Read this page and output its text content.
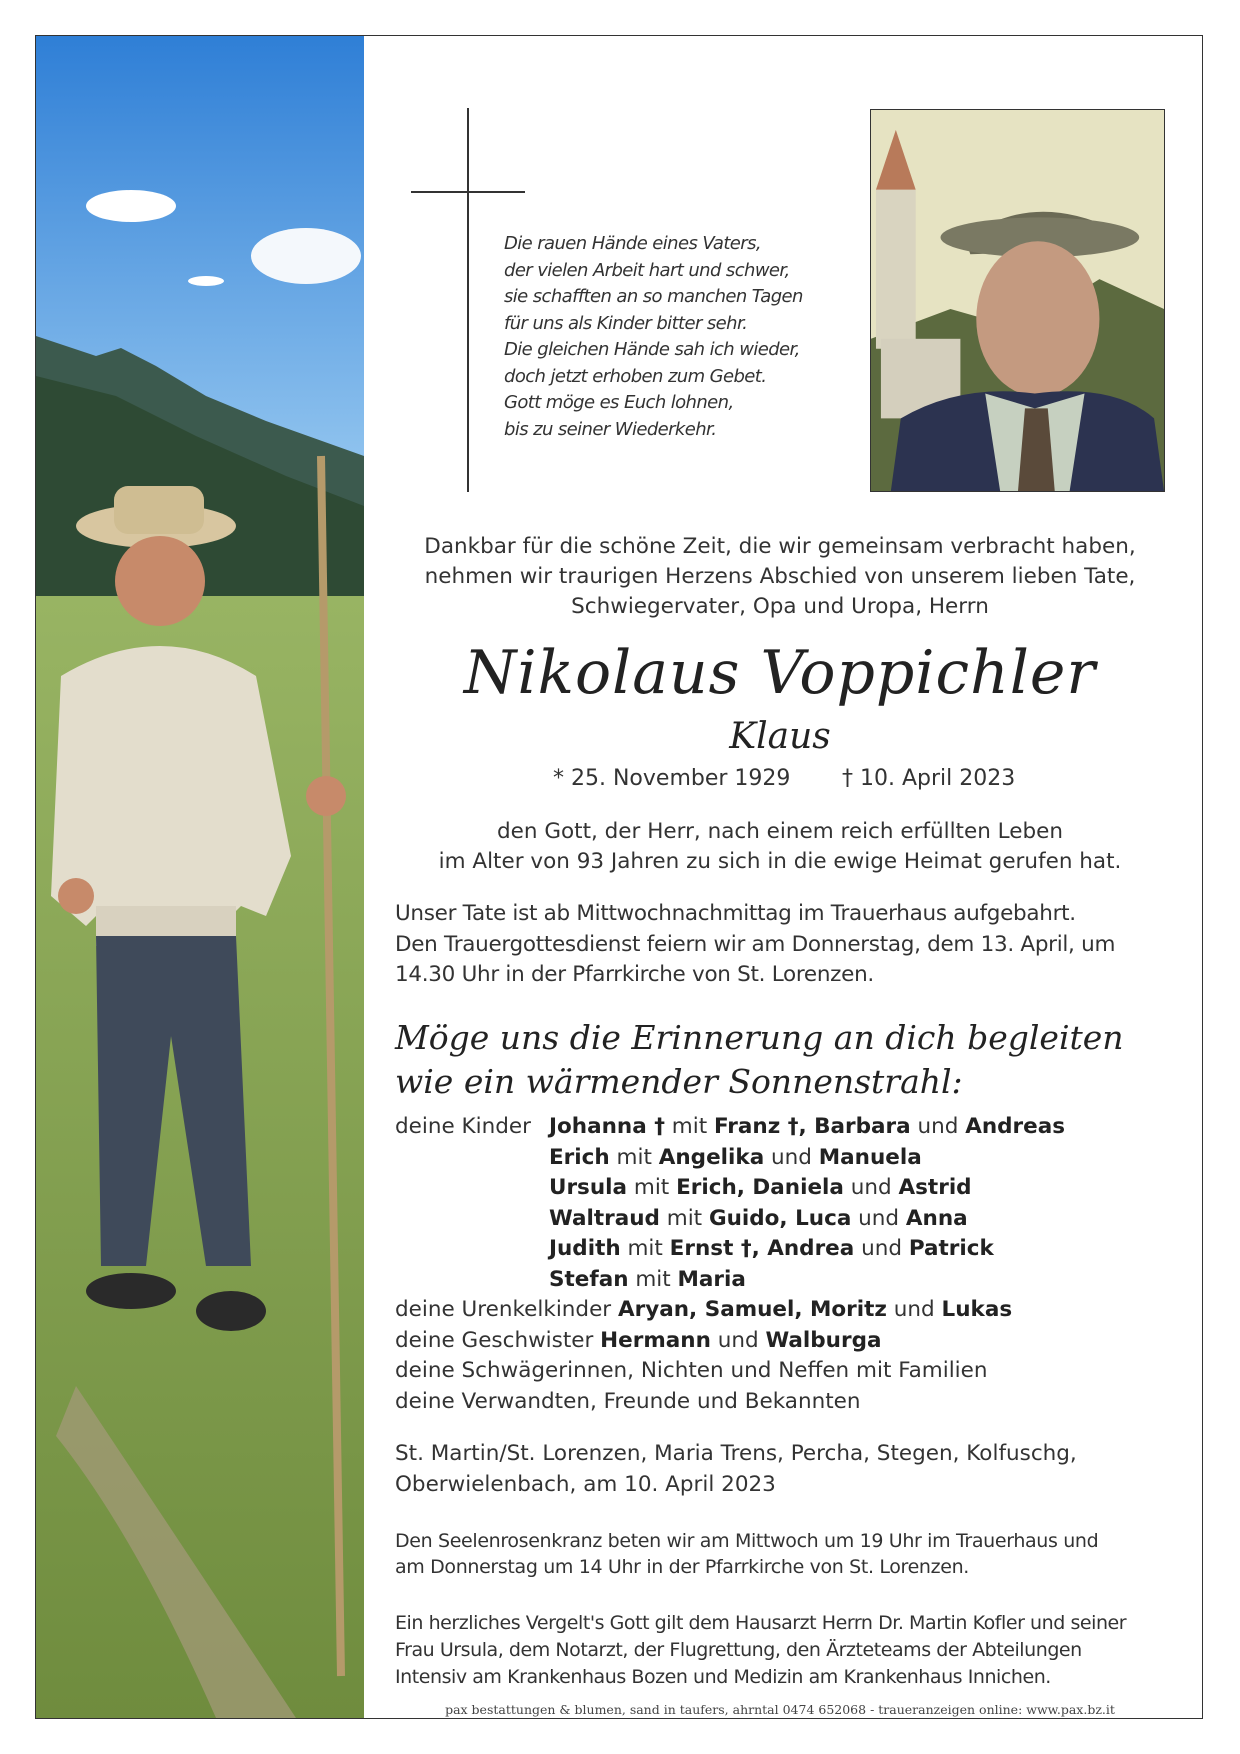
Die rauen Hände eines Vaters,
der vielen Arbeit hart und schwer,
sie schafften an so manchen Tagen
für uns als Kinder bitter sehr.
Die gleichen Hände sah ich wieder,
doch jetzt erhoben zum Gebet.
Gott möge es Euch lohnen,
bis zu seiner Wiederkehr.
Dankbar für die schöne Zeit, die wir gemeinsam verbracht haben,
nehmen wir traurigen Herzens Abschied von unserem lieben Tate,
Schwiegervater, Opa und Uropa, Herrn
Nikolaus Voppichler
Klaus
* 25. November 1929 † 10. April 2023
den Gott, der Herr, nach einem reich erfüllten Leben
im Alter von 93 Jahren zu sich in die ewige Heimat gerufen hat.
Unser Tate ist ab Mittwochnachmittag im Trauerhaus aufgebahrt.
Den Trauergottesdienst feiern wir am Donnerstag, dem 13. April, um
14.30 Uhr in der Pfarrkirche von St. Lorenzen.
Möge uns die Erinnerung an dich begleiten
wie ein wärmender Sonnenstrahl:
deine Kinder Johanna † mit Franz †, Barbara und Andreas
Erich mit Angelika und Manuela
Ursula mit Erich, Daniela und Astrid
Waltraud mit Guido, Luca und Anna
Judith mit Ernst †, Andrea und Patrick
Stefan mit Maria
deine Urenkelkinder Aryan, Samuel, Moritz und Lukas
deine Geschwister Hermann und Walburga
deine Schwägerinnen, Nichten und Neffen mit Familien
deine Verwandten, Freunde und Bekannten
St. Martin/St. Lorenzen, Maria Trens, Percha, Stegen, Kolfuschg,
Oberwielenbach, am 10. April 2023
Den Seelenrosenkranz beten wir am Mittwoch um 19 Uhr im Trauerhaus und
am Donnerstag um 14 Uhr in der Pfarrkirche von St. Lorenzen.
Ein herzliches Vergelt's Gott gilt dem Hausarzt Herrn Dr. Martin Kofler und seiner
Frau Ursula, dem Notarzt, der Flugrettung, den Ärzteteams der Abteilungen
Intensiv am Krankenhaus Bozen und Medizin am Krankenhaus Innichen.
pax bestattungen & blumen, sand in taufers, ahrntal 0474 652068 - traueranzeigen online: www.pax.bz.it
